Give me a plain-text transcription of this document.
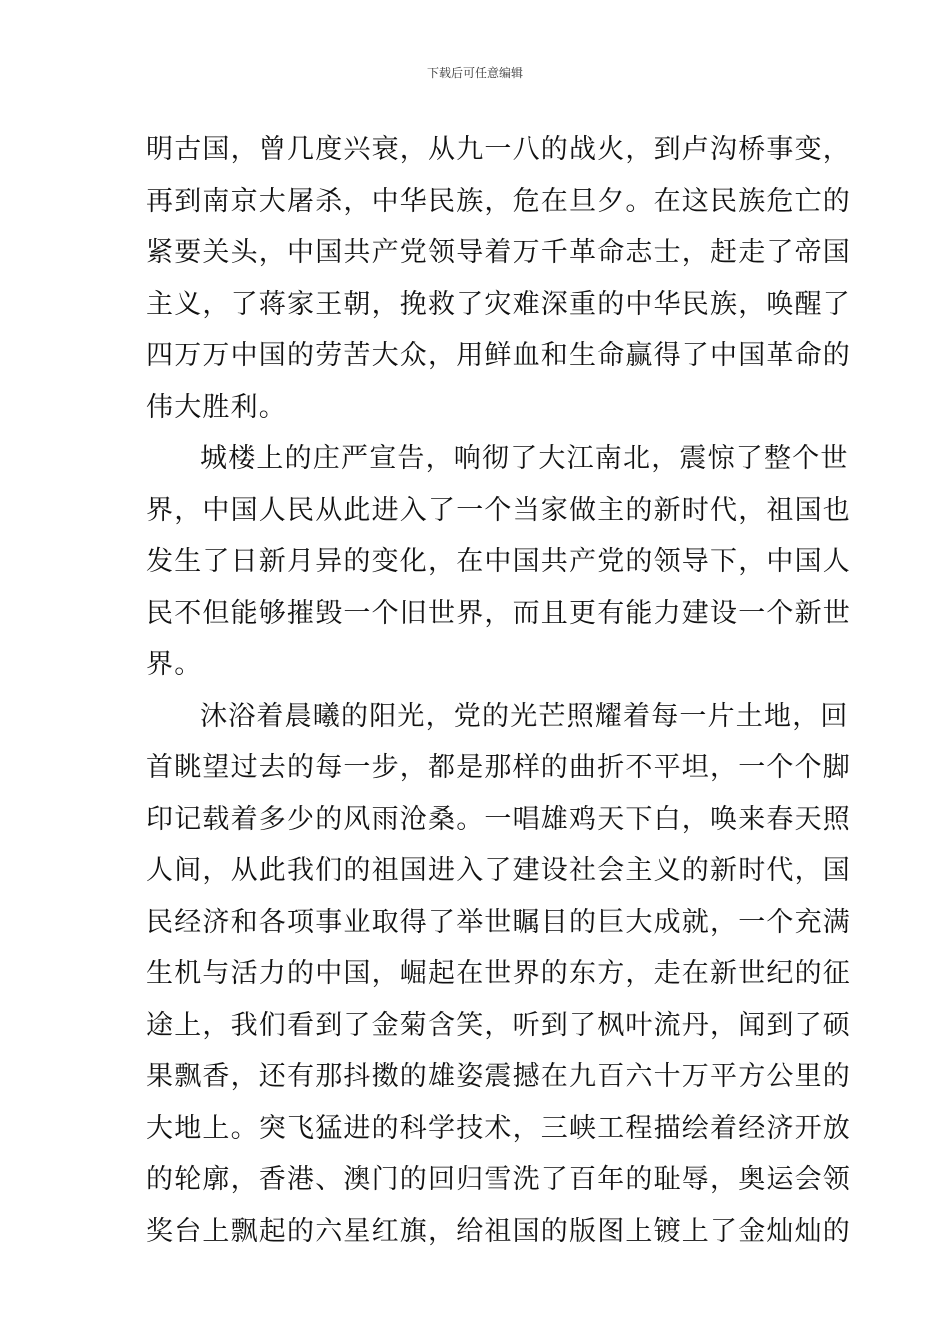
下载后可任意编辑
明古国，曾几度兴衰，从九一八的战火，到卢沟桥事变，
再到南京大屠杀，中华民族，危在旦夕。在这民族危亡的
紧要关头，中国共产党领导着万千革命志士，赶走了帝国
主义，了蒋家王朝，挽救了灾难深重的中华民族，唤醒了
四万万中国的劳苦大众，用鲜血和生命赢得了中国革命的
伟大胜利。
城楼上的庄严宣告，响彻了大江南北，震惊了整个世
界，中国人民从此进入了一个当家做主的新时代，祖国也
发生了日新月异的变化，在中国共产党的领导下，中国人
民不但能够摧毁一个旧世界，而且更有能力建设一个新世
界。
沐浴着晨曦的阳光，党的光芒照耀着每一片土地，回
首眺望过去的每一步，都是那样的曲折不平坦，一个个脚
印记载着多少的风雨沧桑。一唱雄鸡天下白，唤来春天照
人间，从此我们的祖国进入了建设社会主义的新时代，国
民经济和各项事业取得了举世瞩目的巨大成就，一个充满
生机与活力的中国，崛起在世界的东方，走在新世纪的征
途上，我们看到了金菊含笑，听到了枫叶流丹，闻到了硕
果飘香，还有那抖擞的雄姿震撼在九百六十万平方公里的
大地上。突飞猛进的科学技术，三峡工程描绘着经济开放
的轮廓，香港、澳门的回归雪洗了百年的耻辱，奥运会领
奖台上飘起的六星红旗，给祖国的版图上镀上了金灿灿的
